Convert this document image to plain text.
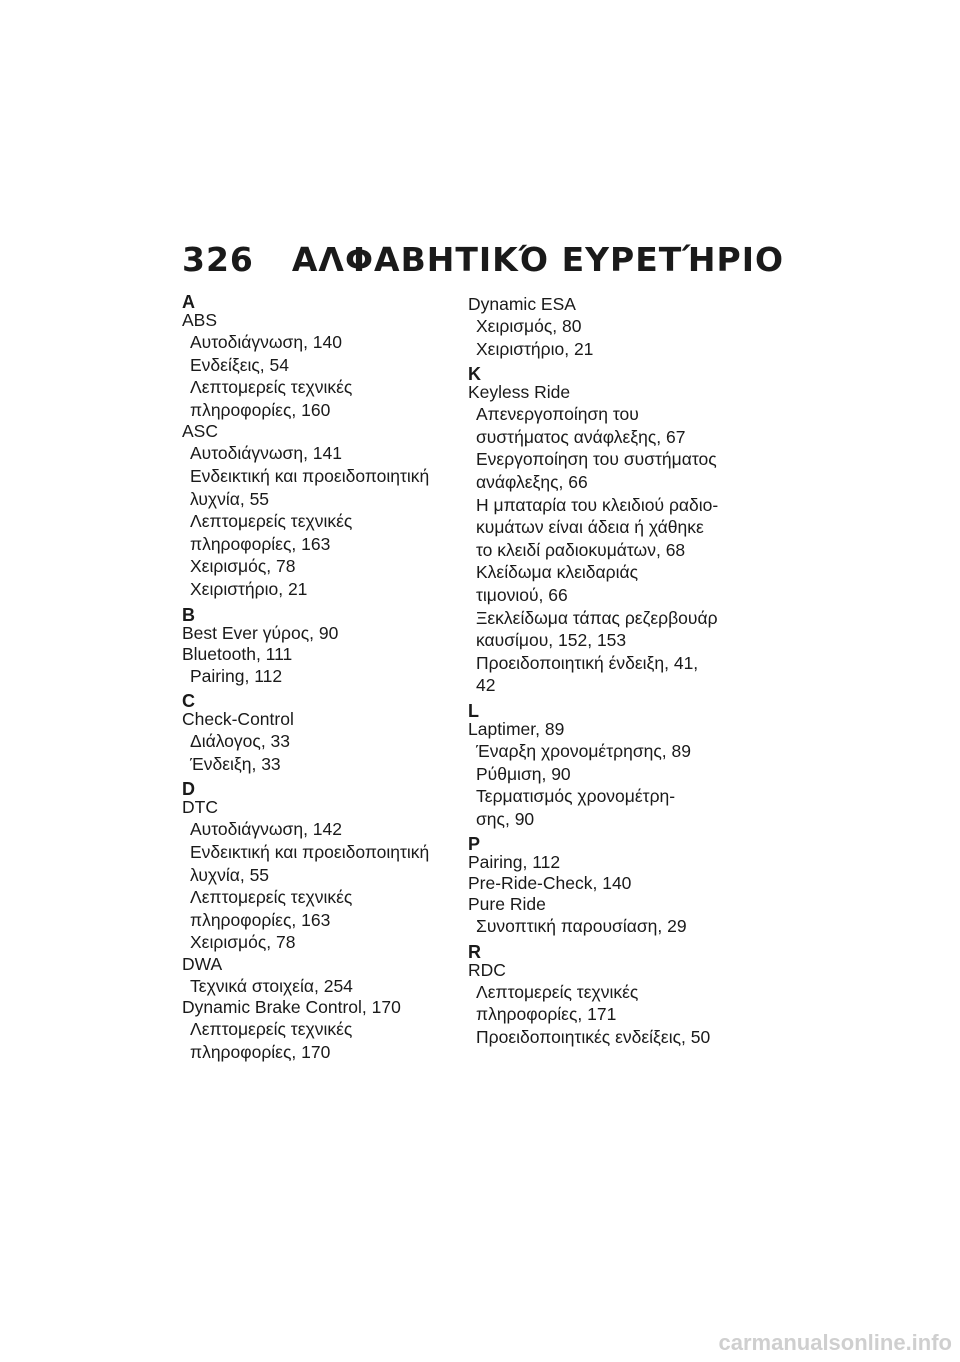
326 ΑΛΦΑΒΗΤΙΚΌ ΕΥΡΕΤΉΡΙΟ
A
ABS
Αυτοδιάγνωση, 140
Ενδείξεις, 54
Λεπτομερείς τεχνικές
πληροφορίες, 160
ASC
Αυτοδιάγνωση, 141
Ενδεικτική και προειδοποιητική
λυχνία, 55
Λεπτομερείς τεχνικές
πληροφορίες, 163
Χειρισμός, 78
Χειριστήριο, 21
B
Best Ever γύρος, 90
Bluetooth, 111
Pairing, 112
C
Check-Control
Διάλογος, 33
Ένδειξη, 33
D
DTC
Αυτοδιάγνωση, 142
Ενδεικτική και προειδοποιητική
λυχνία, 55
Λεπτομερείς τεχνικές
πληροφορίες, 163
Χειρισμός, 78
DWA
Τεχνικά στοιχεία, 254
Dynamic Brake Control, 170
Λεπτομερείς τεχνικές
πληροφορίες, 170
Dynamic ESA
Χειρισμός, 80
Χειριστήριο, 21
K
Keyless Ride
Απενεργοποίηση του
συστήματος ανάφλεξης, 67
Ενεργοποίηση του συστήματος
ανάφλεξης, 66
Η μπαταρία του κλειδιού ραδιο-
κυμάτων είναι άδεια ή χάθηκε
το κλειδί ραδιοκυμάτων, 68
Κλείδωμα κλειδαριάς
τιμονιού, 66
Ξεκλείδωμα τάπας ρεζερβουάρ
καυσίμου, 152, 153
Προειδοποιητική ένδειξη, 41,
42
L
Laptimer, 89
Έναρξη χρονομέτρησης, 89
Ρύθμιση, 90
Τερματισμός χρονομέτρη-
σης, 90
P
Pairing, 112
Pre-Ride-Check, 140
Pure Ride
Συνοπτική παρουσίαση, 29
R
RDC
Λεπτομερείς τεχνικές
πληροφορίες, 171
Προειδοποιητικές ενδείξεις, 50
carmanualsonline.info
